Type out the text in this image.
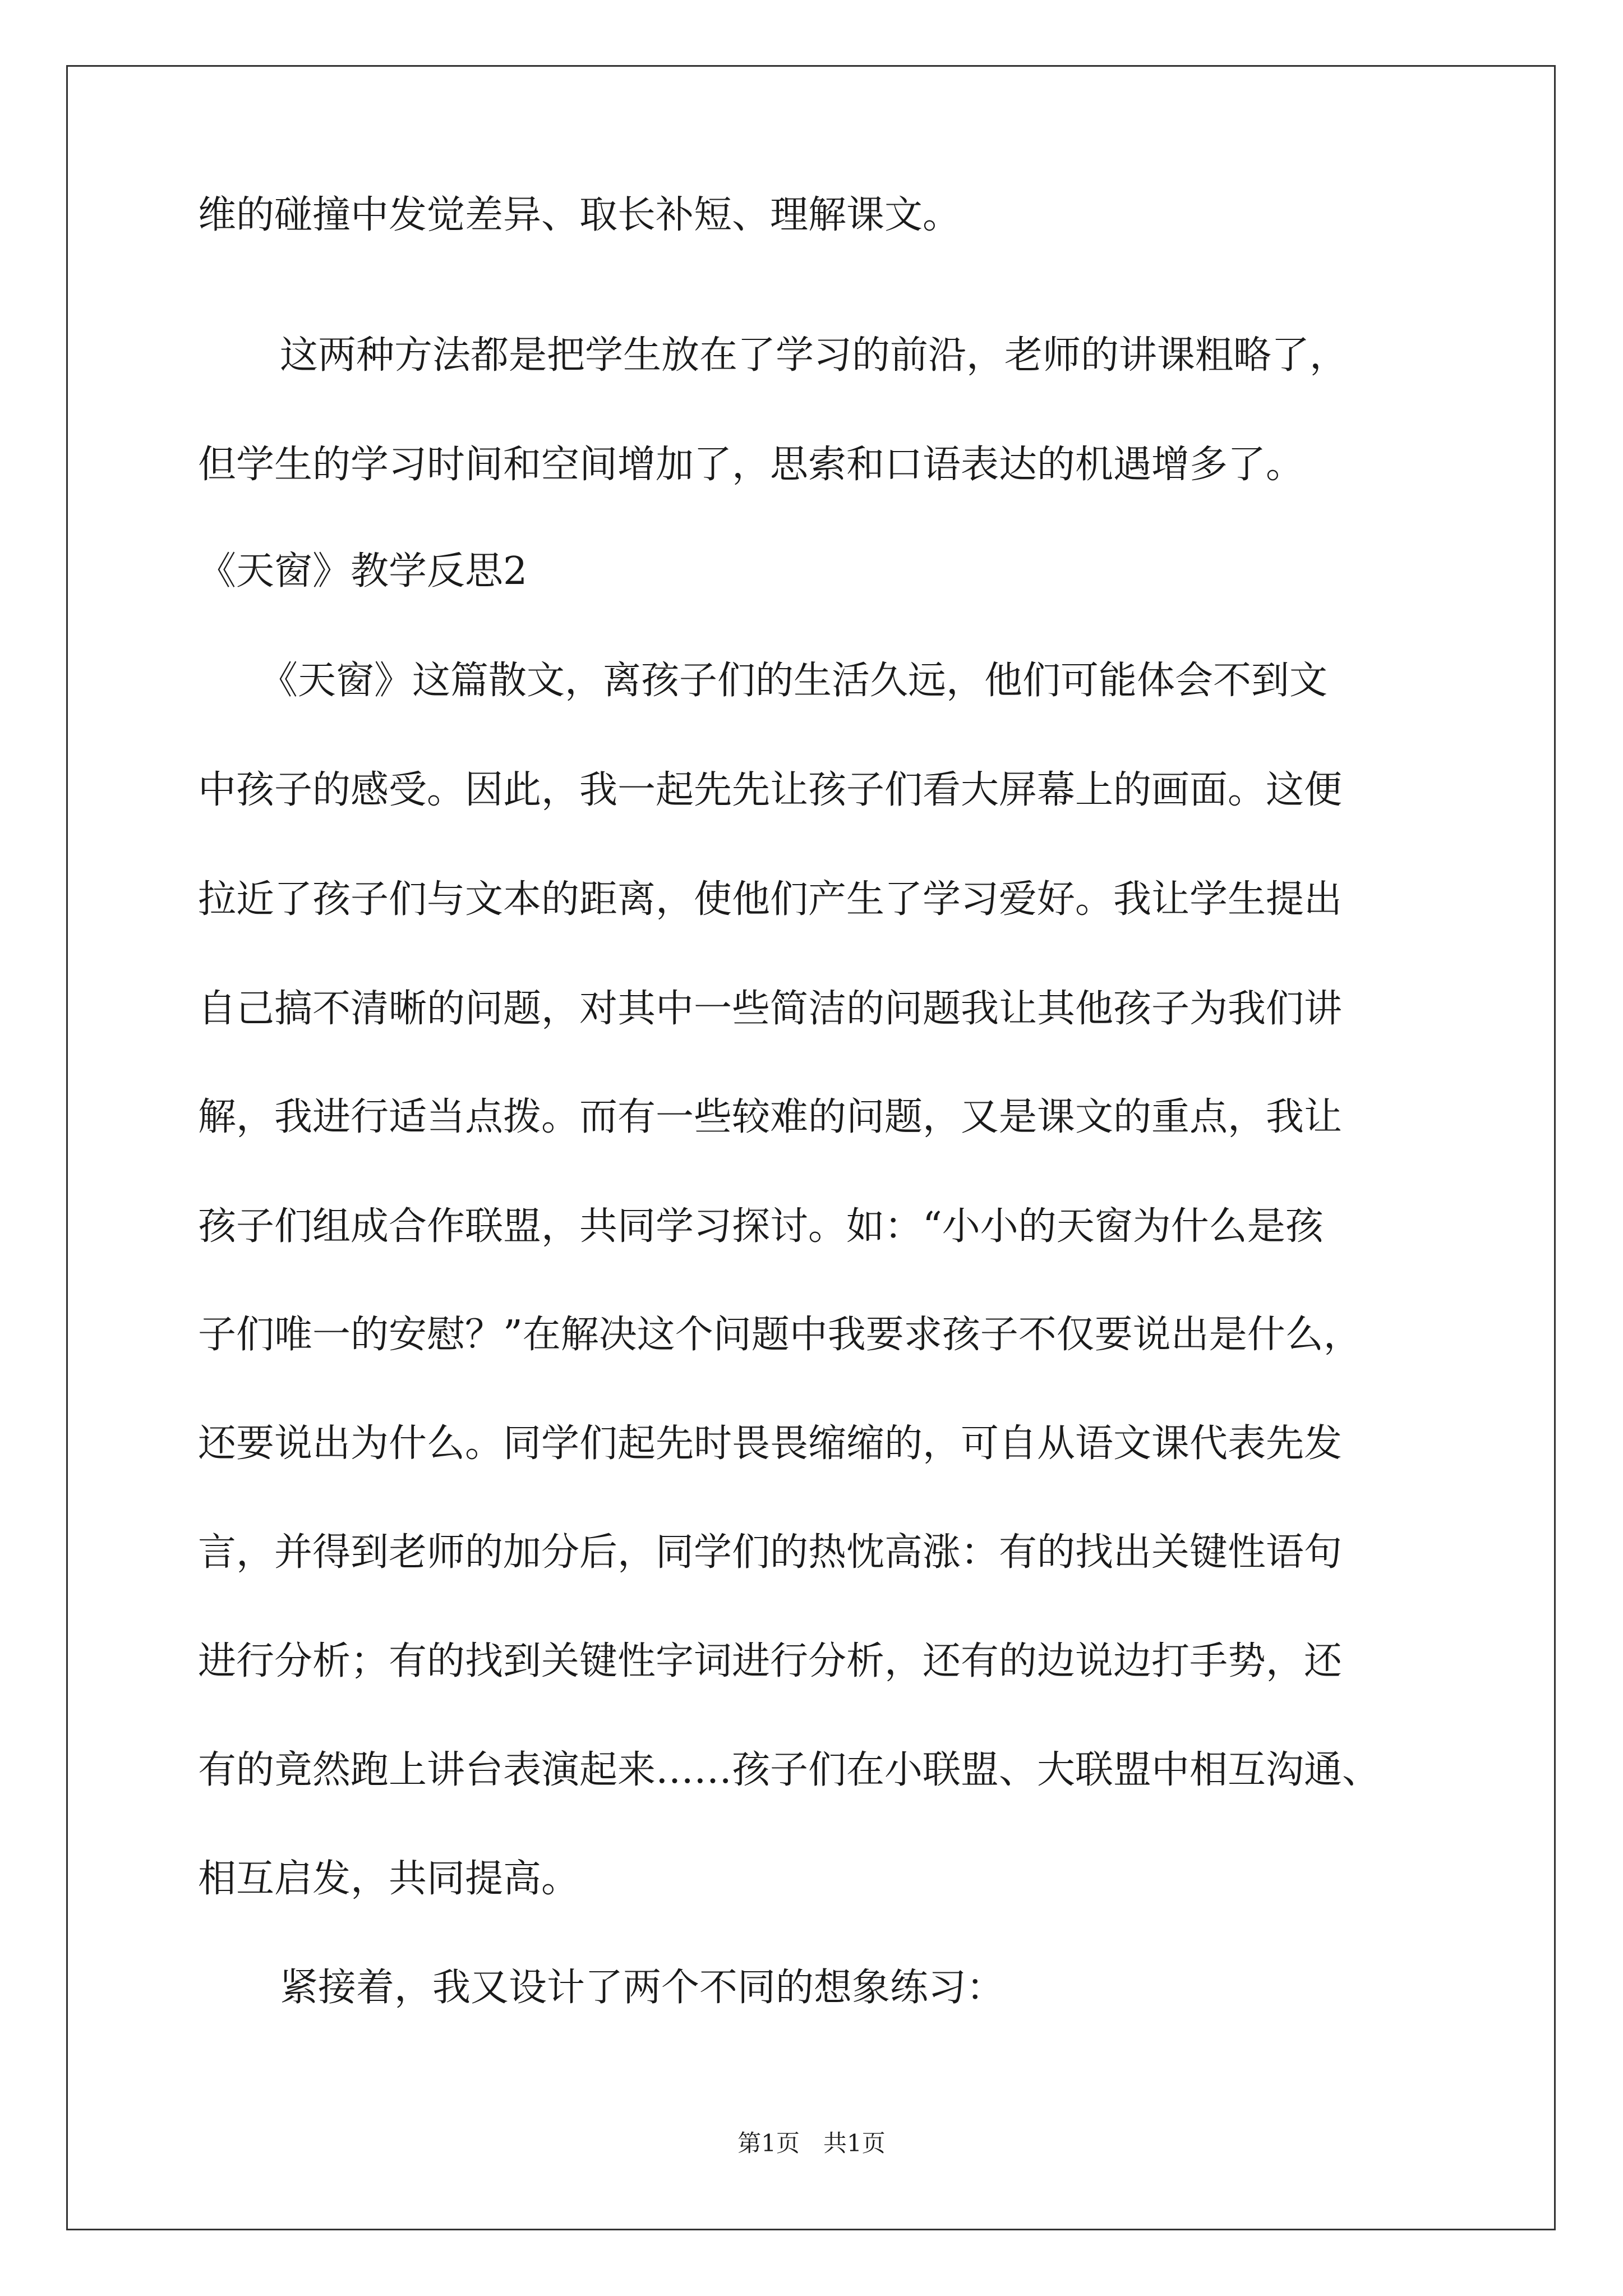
维的碰撞中发觉差异、取长补短、理解课文。

这两种方法都是把学生放在了学习的前沿，老师的讲课粗略了，

但学生的学习时间和空间增加了，思索和口语表达的机遇增多了。

《天窗》教学反思2

《天窗》这篇散文，离孩子们的生活久远，他们可能体会不到文

中孩子的感受。因此，我一起先先让孩子们看大屏幕上的画面。这便

拉近了孩子们与文本的距离，使他们产生了学习爱好。我让学生提出

自己搞不清晰的问题，对其中一些简洁的问题我让其他孩子为我们讲

解，我进行适当点拨。而有一些较难的问题，又是课文的重点，我让

孩子们组成合作联盟，共同学习探讨。如：“小小的天窗为什么是孩

子们唯一的安慰？”在解决这个问题中我要求孩子不仅要说出是什么，

还要说出为什么。同学们起先时畏畏缩缩的，可自从语文课代表先发

言，并得到老师的加分后，同学们的热忱高涨：有的找出关键性语句

进行分析；有的找到关键性字词进行分析，还有的边说边打手势，还

有的竟然跑上讲台表演起来……孩子们在小联盟、大联盟中相互沟通、

相互启发，共同提高。

紧接着，我又设计了两个不同的想象练习：

第1页　共1页
